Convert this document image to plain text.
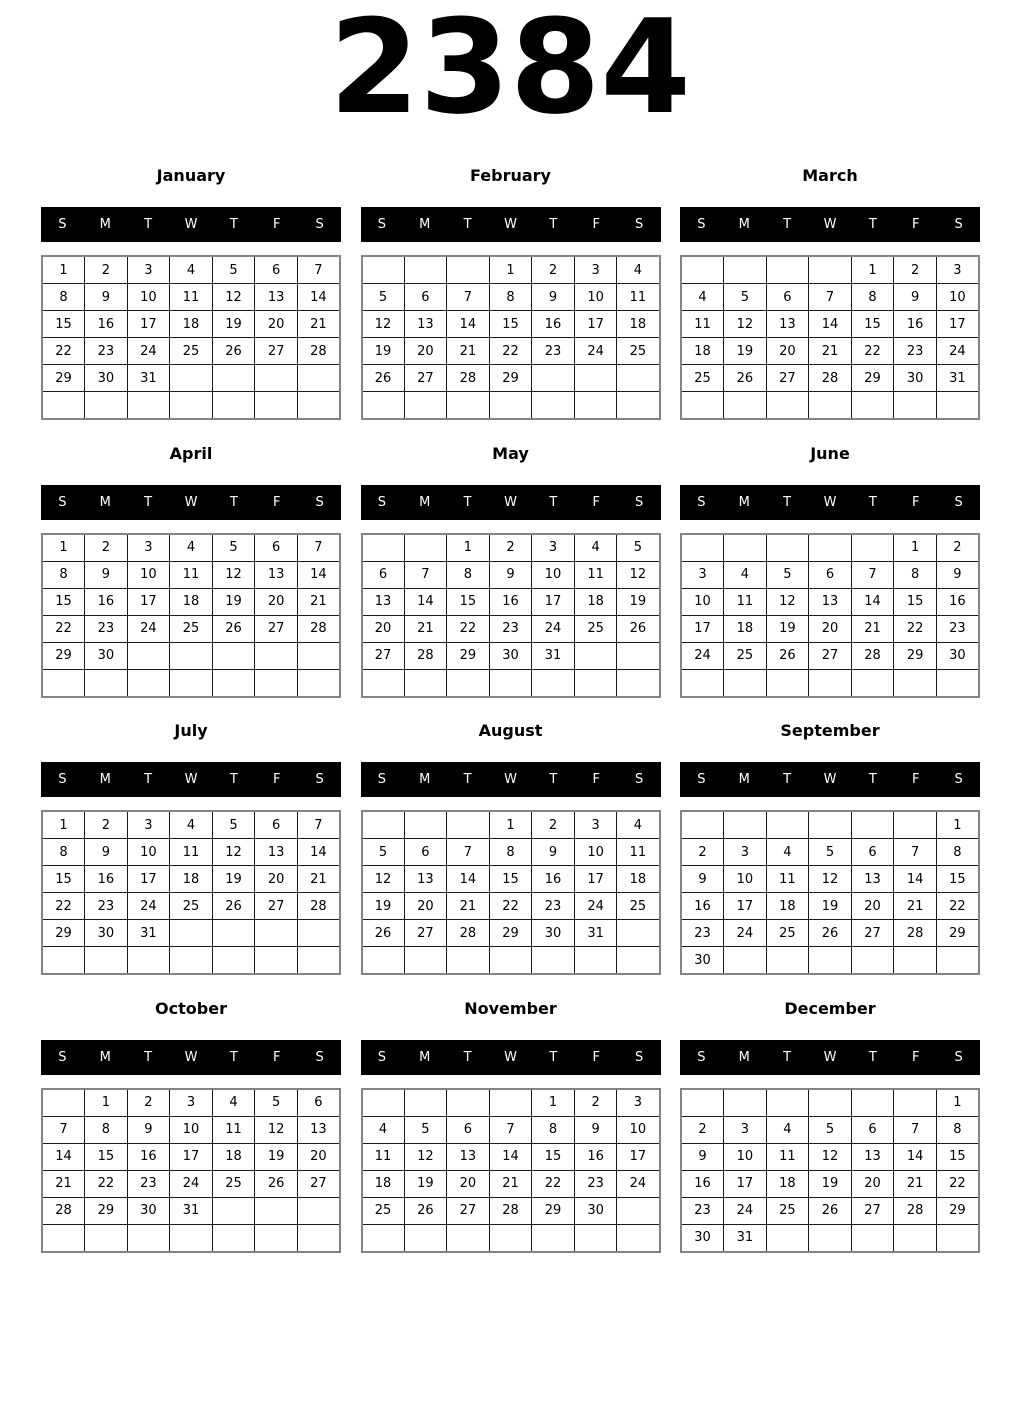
2384
January
S	M	T	W	T	F	S
1	2	3	4	5	6	7
8	9	10	11	12	13	14
15	16	17	18	19	20	21
22	23	24	25	26	27	28
29	30	31				

February
S	M	T	W	T	F	S
			1	2	3	4
5	6	7	8	9	10	11
12	13	14	15	16	17	18
19	20	21	22	23	24	25
26	27	28	29			

March
S	M	T	W	T	F	S
				1	2	3
4	5	6	7	8	9	10
11	12	13	14	15	16	17
18	19	20	21	22	23	24
25	26	27	28	29	30	31

April
S	M	T	W	T	F	S
1	2	3	4	5	6	7
8	9	10	11	12	13	14
15	16	17	18	19	20	21
22	23	24	25	26	27	28
29	30					

May
S	M	T	W	T	F	S
		1	2	3	4	5
6	7	8	9	10	11	12
13	14	15	16	17	18	19
20	21	22	23	24	25	26
27	28	29	30	31		

June
S	M	T	W	T	F	S
					1	2
3	4	5	6	7	8	9
10	11	12	13	14	15	16
17	18	19	20	21	22	23
24	25	26	27	28	29	30

July
S	M	T	W	T	F	S
1	2	3	4	5	6	7
8	9	10	11	12	13	14
15	16	17	18	19	20	21
22	23	24	25	26	27	28
29	30	31				

August
S	M	T	W	T	F	S
			1	2	3	4
5	6	7	8	9	10	11
12	13	14	15	16	17	18
19	20	21	22	23	24	25
26	27	28	29	30	31	

September
S	M	T	W	T	F	S
						1
2	3	4	5	6	7	8
9	10	11	12	13	14	15
16	17	18	19	20	21	22
23	24	25	26	27	28	29
30						
October
S	M	T	W	T	F	S
	1	2	3	4	5	6
7	8	9	10	11	12	13
14	15	16	17	18	19	20
21	22	23	24	25	26	27
28	29	30	31			

November
S	M	T	W	T	F	S
				1	2	3
4	5	6	7	8	9	10
11	12	13	14	15	16	17
18	19	20	21	22	23	24
25	26	27	28	29	30	

December
S	M	T	W	T	F	S
						1
2	3	4	5	6	7	8
9	10	11	12	13	14	15
16	17	18	19	20	21	22
23	24	25	26	27	28	29
30	31					
